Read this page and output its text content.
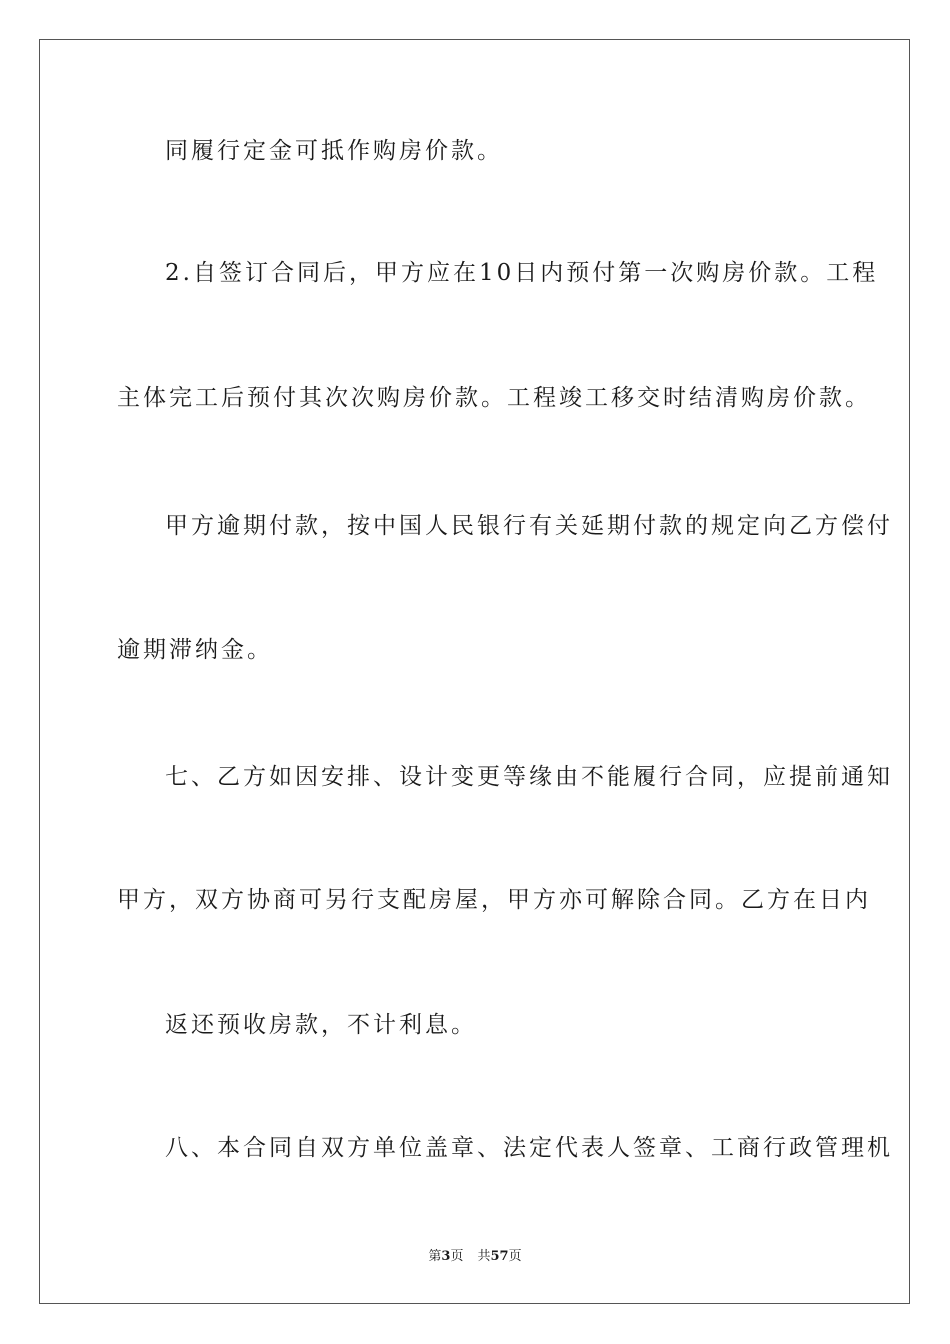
同履行定金可抵作购房价款。
2.自签订合同后，甲方应在10日内预付第一次购房价款。工程
主体完工后预付其次次购房价款。工程竣工移交时结清购房价款。
甲方逾期付款，按中国人民银行有关延期付款的规定向乙方偿付
逾期滞纳金。
七、乙方如因安排、设计变更等缘由不能履行合同，应提前通知
甲方，双方协商可另行支配房屋，甲方亦可解除合同。乙方在日内
返还预收房款，不计利息。
八、本合同自双方单位盖章、法定代表人签章、工商行政管理机
第3页 共57页
